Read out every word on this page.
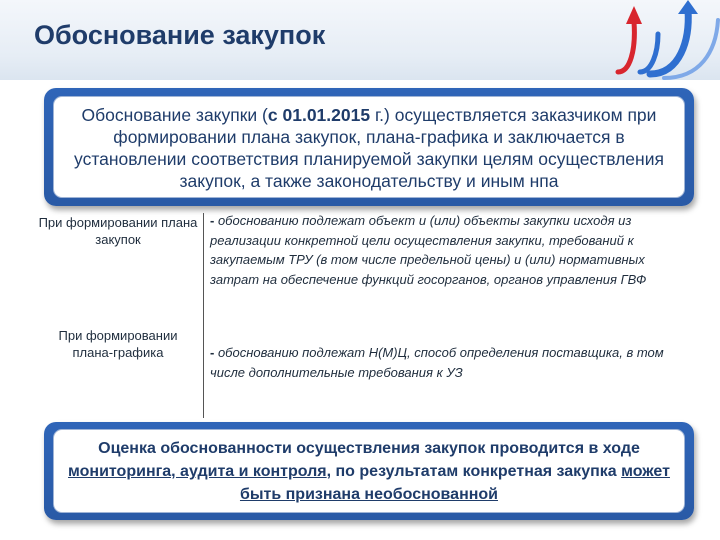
Обоснование закупок
Обоснование закупки (с 01.01.2015 г.) осуществляется заказчиком при формировании плана закупок, плана-графика и заключается в установлении соответствия планируемой закупки целям осуществления закупок, а также законодательству и иным нпа
При формировании плана закупок
При формировании плана-графика
- обоснованию подлежат объект и (или) объекты закупки исходя из реализации конкретной цели осуществления закупки, требований к закупаемым ТРУ (в том числе предельной цены) и (или) нормативных затрат на обеспечение функций госорганов, органов управления ГВФ
- обоснованию подлежат Н(М)Ц, способ определения поставщика, в том числе дополнительные требования к УЗ
Оценка обоснованности осуществления закупок проводится в ходе мониторинга, аудита и контроля, по результатам конкретная закупка может быть признана необоснованной
